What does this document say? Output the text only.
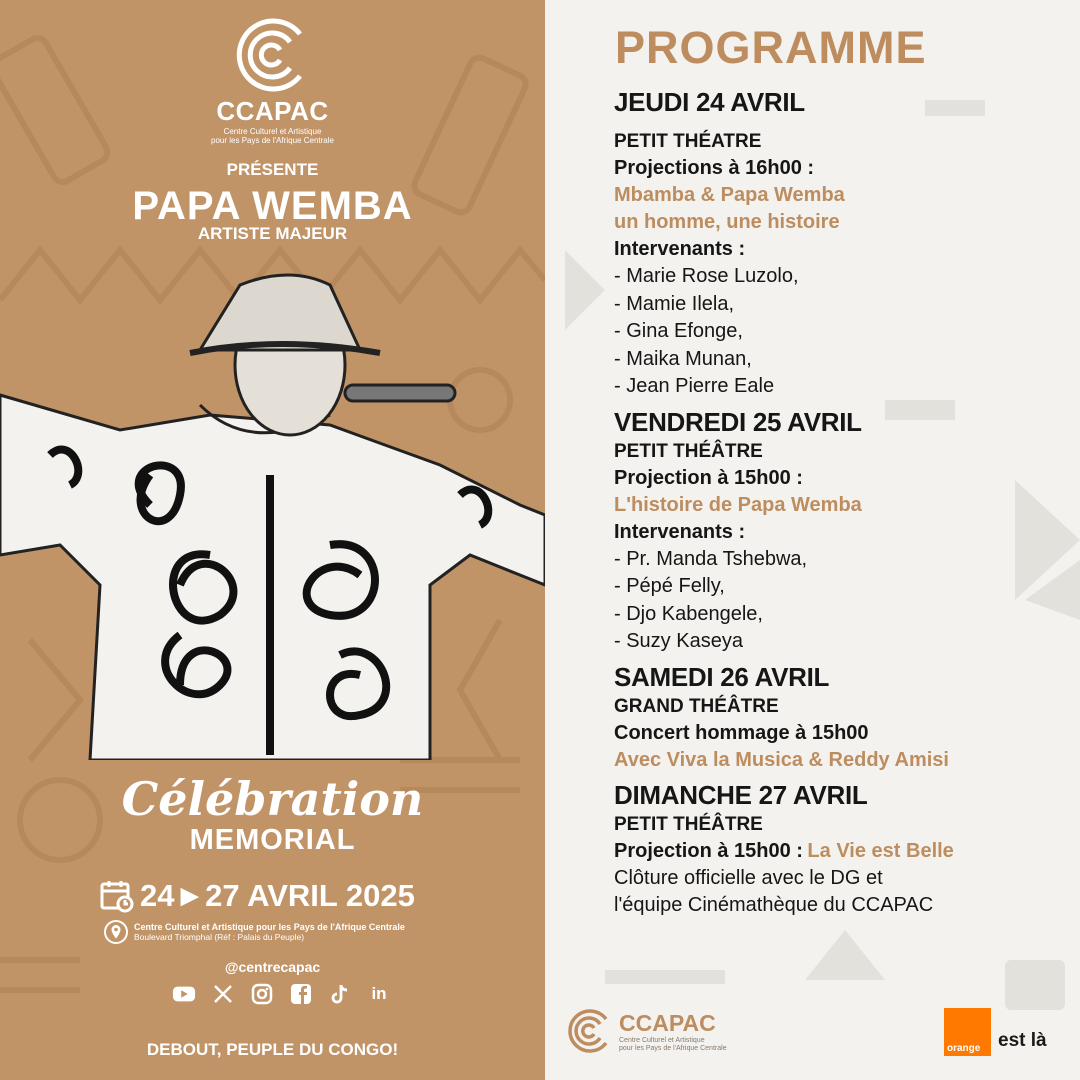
CCAPAC
Centre Culturel et Artistique
pour les Pays de l'Afrique Centrale
PRÉSENTE
PAPA WEMBA
ARTISTE MAJEUR
Célébration
MEMORIAL
24►27 AVRIL 2025
Centre Culturel et Artistique pour les Pays de l'Afrique Centrale
Boulevard Triomphal (Réf : Palais du Peuple)
@centrecapac
in
DEBOUT, PEUPLE DU CONGO!
PROGRAMME
JEUDI 24 AVRIL
PETIT THÉATRE
Projections à 16h00 :
Mbamba & Papa Wemba
un homme, une histoire
Intervenants :
- Marie Rose Luzolo,
- Mamie Ilela,
- Gina Efonge,
- Maika Munan,
- Jean Pierre Eale
VENDREDI 25 AVRIL
PETIT THÉÂTRE
Projection à 15h00 :
L'histoire de Papa Wemba
Intervenants :
- Pr. Manda Tshebwa,
- Pépé Felly,
- Djo Kabengele,
- Suzy Kaseya
SAMEDI 26 AVRIL
GRAND THÉÂTRE
Concert hommage à 15h00
Avec Viva la Musica & Reddy Amisi
DIMANCHE 27 AVRIL
PETIT THÉÂTRE
Projection à 15h00 : La Vie est Belle
Clôture officielle avec le DG et
l'équipe Cinémathèque du CCAPAC
CCAPAC
Centre Culturel et Artistique
pour les Pays de l'Afrique Centrale	orange est là
